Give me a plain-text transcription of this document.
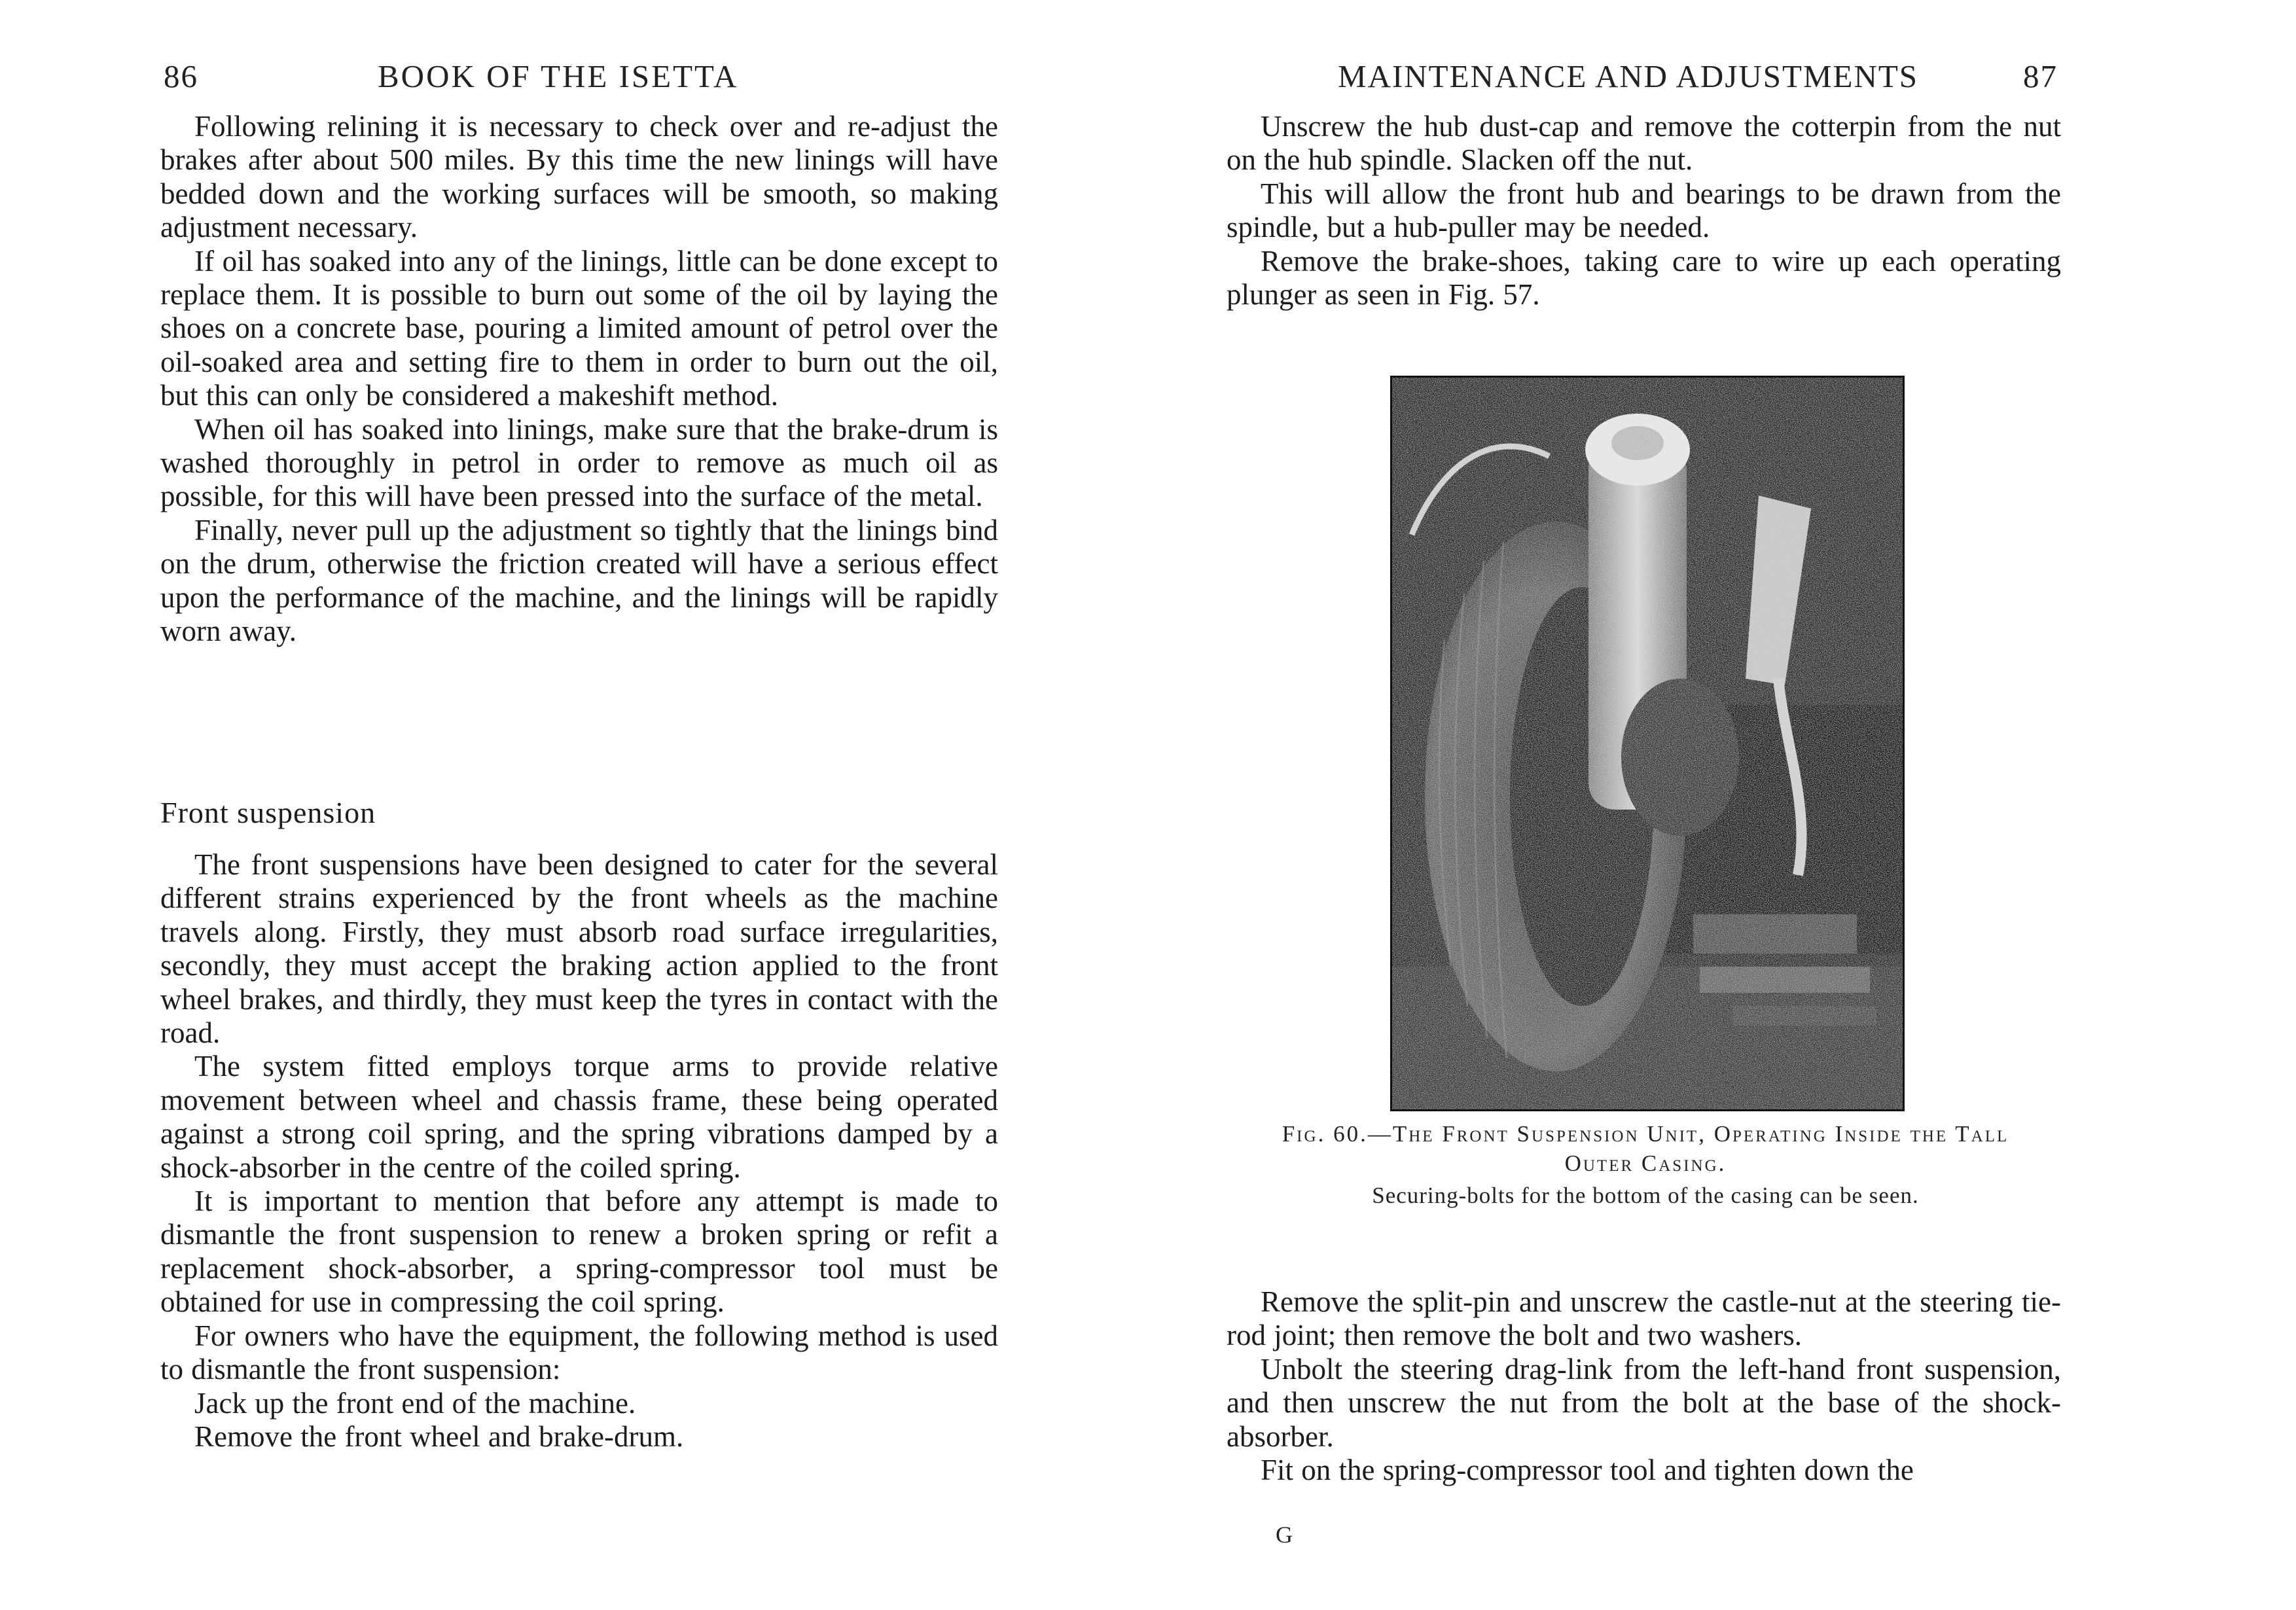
86	BOOK OF THE ISETTA

Following relining it is necessary to check over and re-adjust the brakes after about 500 miles. By this time the new linings will have bedded down and the working surfaces will be smooth, so making adjustment necessary.

If oil has soaked into any of the linings, little can be done except to replace them. It is possible to burn out some of the oil by laying the shoes on a concrete base, pouring a limited amount of petrol over the oil-soaked area and setting fire to them in order to burn out the oil, but this can only be considered a makeshift method.

When oil has soaked into linings, make sure that the brake-drum is washed thoroughly in petrol in order to remove as much oil as possible, for this will have been pressed into the surface of the metal.

Finally, never pull up the adjustment so tightly that the linings bind on the drum, otherwise the friction created will have a serious effect upon the performance of the machine, and the linings will be rapidly worn away.

Front suspension

The front suspensions have been designed to cater for the several different strains experienced by the front wheels as the machine travels along. Firstly, they must absorb road surface irregularities, secondly, they must accept the braking action applied to the front wheel brakes, and thirdly, they must keep the tyres in contact with the road.

The system fitted employs torque arms to provide relative movement between wheel and chassis frame, these being operated against a strong coil spring, and the spring vibrations damped by a shock-absorber in the centre of the coiled spring.

It is important to mention that before any attempt is made to dismantle the front suspension to renew a broken spring or refit a replacement shock-absorber, a spring-compressor tool must be obtained for use in compressing the coil spring.

For owners who have the equipment, the following method is used to dismantle the front suspension:

Jack up the front end of the machine.

Remove the front wheel and brake-drum.

MAINTENANCE AND ADJUSTMENTS	87

Unscrew the hub dust-cap and remove the cotterpin from the nut on the hub spindle. Slacken off the nut.

This will allow the front hub and bearings to be drawn from the spindle, but a hub-puller may be needed.

Remove the brake-shoes, taking care to wire up each operating plunger as seen in Fig. 57.

Fig. 60.—The Front Suspension Unit, Operating Inside the Tall Outer Casing.
Securing-bolts for the bottom of the casing can be seen.

Remove the split-pin and unscrew the castle-nut at the steering tie-rod joint; then remove the bolt and two washers.

Unbolt the steering drag-link from the left-hand front suspension, and then unscrew the nut from the bolt at the base of the shock-absorber.

Fit on the spring-compressor tool and tighten down the

G
